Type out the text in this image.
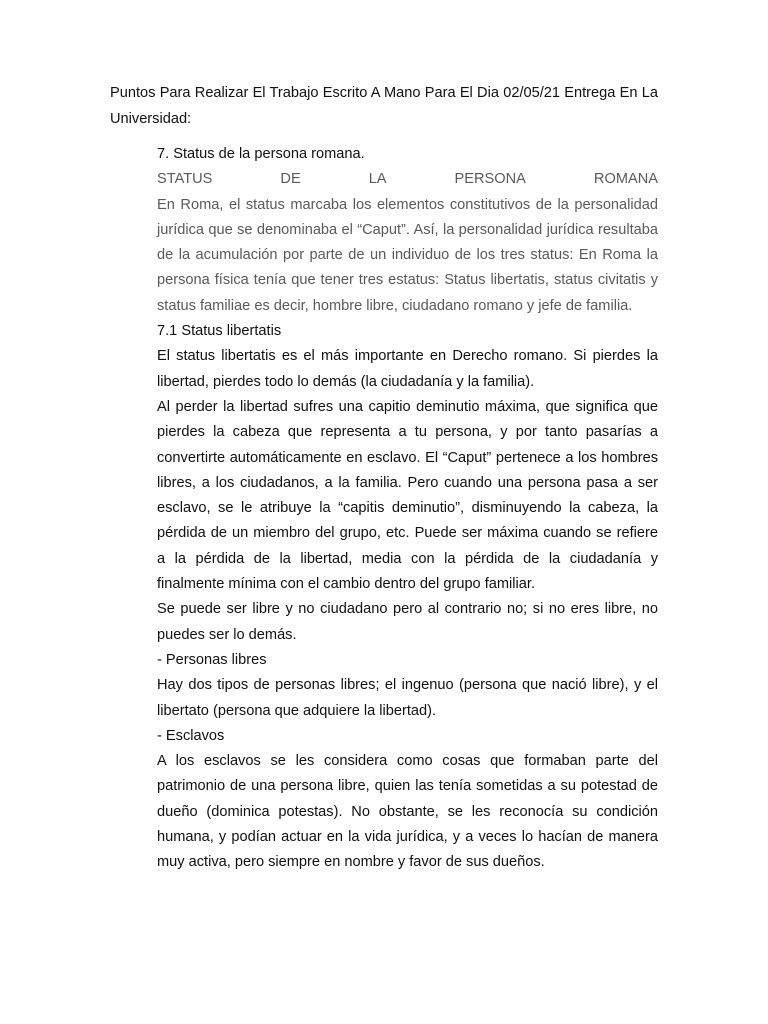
Puntos Para Realizar El Trabajo Escrito A Mano Para El Dia 02/05/21 Entrega En La Universidad:

7. Status de la persona romana.

STATUS	DE	LA	PERSONA	ROMANA

En Roma, el status marcaba los elementos constitutivos de la personalidad jurídica que se denominaba el “Caput”. Así, la personalidad jurídica resultaba de la acumulación por parte de un individuo de los tres status: En Roma la persona física tenía que tener tres estatus: Status libertatis, status civitatis y status familiae es decir, hombre libre, ciudadano romano y jefe de familia.

7.1 Status libertatis

El status libertatis es el más importante en Derecho romano. Si pierdes la libertad, pierdes todo lo demás (la ciudadanía y la familia).

Al perder la libertad sufres una capitio deminutio máxima, que significa que pierdes la cabeza que representa a tu persona, y por tanto pasarías a convertirte automáticamente en esclavo. El “Caput” pertenece a los hombres libres, a los ciudadanos, a la familia. Pero cuando una persona pasa a ser esclavo, se le atribuye la “capitis deminutio”, disminuyendo la cabeza, la pérdida de un miembro del grupo, etc. Puede ser máxima cuando se refiere a la pérdida de la libertad, media con la pérdida de la ciudadanía y finalmente mínima con el cambio dentro del grupo familiar.

Se puede ser libre y no ciudadano pero al contrario no; si no eres libre, no puedes ser lo demás.

- Personas libres

Hay dos tipos de personas libres; el ingenuo (persona que nació libre), y el libertato (persona que adquiere la libertad).

- Esclavos

A los esclavos se les considera como cosas que formaban parte del patrimonio de una persona libre, quien las tenía sometidas a su potestad de dueño (dominica potestas). No obstante, se les reconocía su condición humana, y podían actuar en la vida jurídica, y a veces lo hacían de manera muy activa, pero siempre en nombre y favor de sus dueños.
